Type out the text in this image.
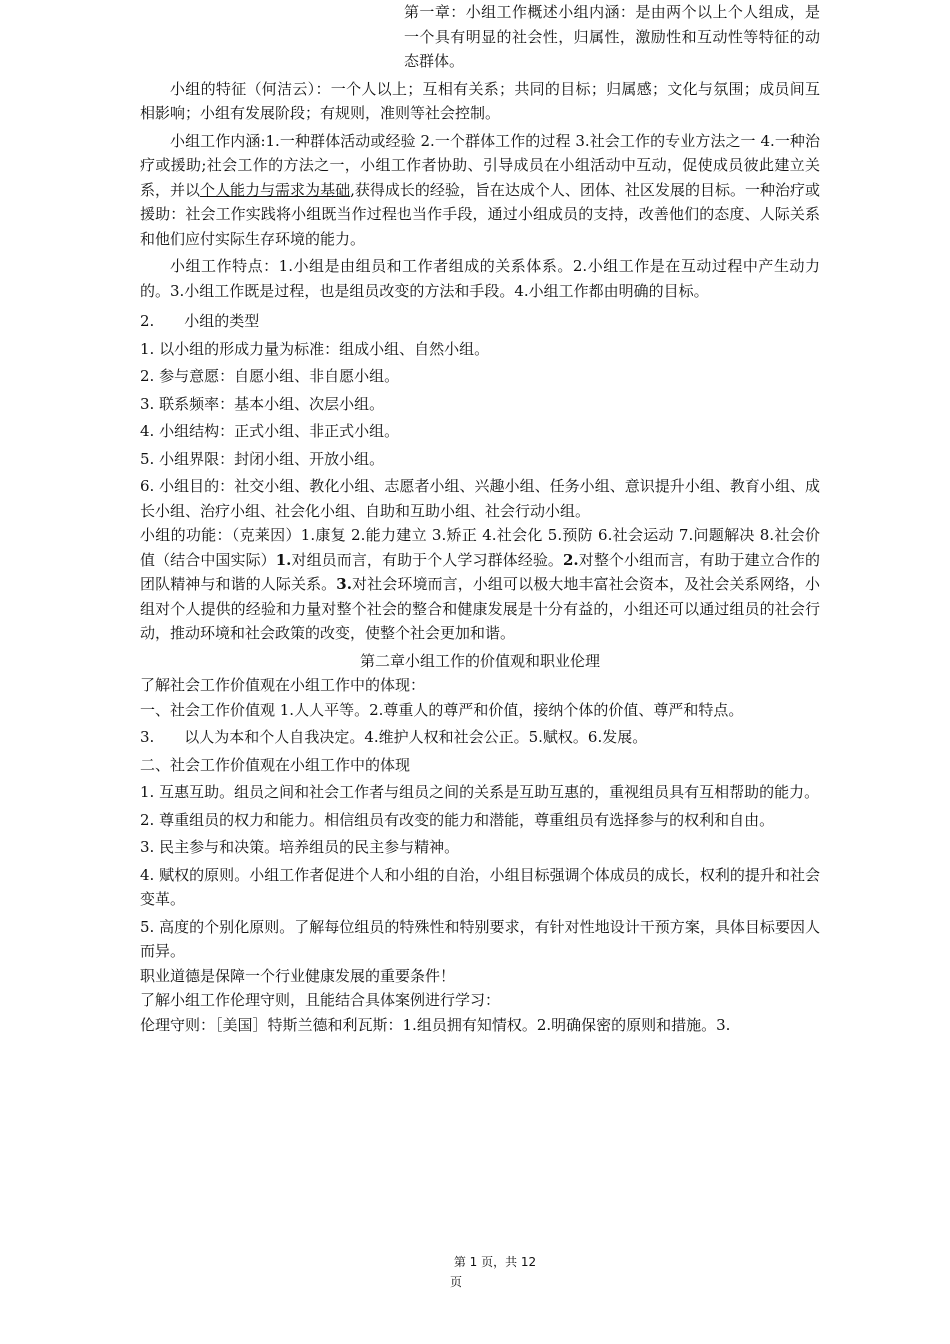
第一章：小组工作概述小组内涵：是由两个以上个人组成，是一个具有明显的社会性，归属性，激励性和互动性等特征的动态群体。

小组的特征（何洁云）：一个人以上；互相有关系；共同的目标；归属感；文化与氛围；成员间互相影响；小组有发展阶段；有规则，准则等社会控制。

小组工作内涵:1.一种群体活动或经验 2.一个群体工作的过程 3.社会工作的专业方法之一 4.一种治疗或援助;社会工作的方法之一，小组工作者协助、引导成员在小组活动中互动，促使成员彼此建立关系，并以个人能力与需求为基础,获得成长的经验，旨在达成个人、团体、社区发展的目标。一种治疗或援助：社会工作实践将小组既当作过程也当作手段，通过小组成员的支持，改善他们的态度、人际关系和他们应付实际生存环境的能力。

小组工作特点：1.小组是由组员和工作者组成的关系体系。2.小组工作是在互动过程中产生动力的。3.小组工作既是过程，也是组员改变的方法和手段。4.小组工作都由明确的目标。

2.　　小组的类型

1. 以小组的形成力量为标准：组成小组、自然小组。

2. 参与意愿：自愿小组、非自愿小组。

3. 联系频率：基本小组、次层小组。

4. 小组结构：正式小组、非正式小组。

5. 小组界限：封闭小组、开放小组。

6. 小组目的：社交小组、教化小组、志愿者小组、兴趣小组、任务小组、意识提升小组、教育小组、成长小组、治疗小组、社会化小组、自助和互助小组、社会行动小组。

小组的功能：（克莱因）1.康复 2.能力建立 3.矫正 4.社会化 5.预防 6.社会运动 7.问题解决 8.社会价值（结合中国实际）1.对组员而言，有助于个人学习群体经验。2.对整个小组而言，有助于建立合作的团队精神与和谐的人际关系。3.对社会环境而言，小组可以极大地丰富社会资本，及社会关系网络，小组对个人提供的经验和力量对整个社会的整合和健康发展是十分有益的，小组还可以通过组员的社会行动，推动环境和社会政策的改变，使整个社会更加和谐。

第二章小组工作的价值观和职业伦理

了解社会工作价值观在小组工作中的体现：

一、社会工作价值观 1.人人平等。2.尊重人的尊严和价值，接纳个体的价值、尊严和特点。

3.　　以人为本和个人自我决定。4.维护人权和社会公正。5.赋权。6.发展。

二、社会工作价值观在小组工作中的体现

1. 互惠互助。组员之间和社会工作者与组员之间的关系是互助互惠的，重视组员具有互相帮助的能力。

2. 尊重组员的权力和能力。相信组员有改变的能力和潜能，尊重组员有选择参与的权利和自由。

3. 民主参与和决策。培养组员的民主参与精神。

4. 赋权的原则。小组工作者促进个人和小组的自治，小组目标强调个体成员的成长，权利的提升和社会变革。

5. 高度的个别化原则。了解每位组员的特殊性和特别要求，有针对性地设计干预方案，具体目标要因人而异。

职业道德是保障一个行业健康发展的重要条件！

了解小组工作伦理守则，且能结合具体案例进行学习：

伦理守则：［美国］特斯兰德和利瓦斯：1.组员拥有知情权。2.明确保密的原则和措施。3.

第 1 页，共 12
页
